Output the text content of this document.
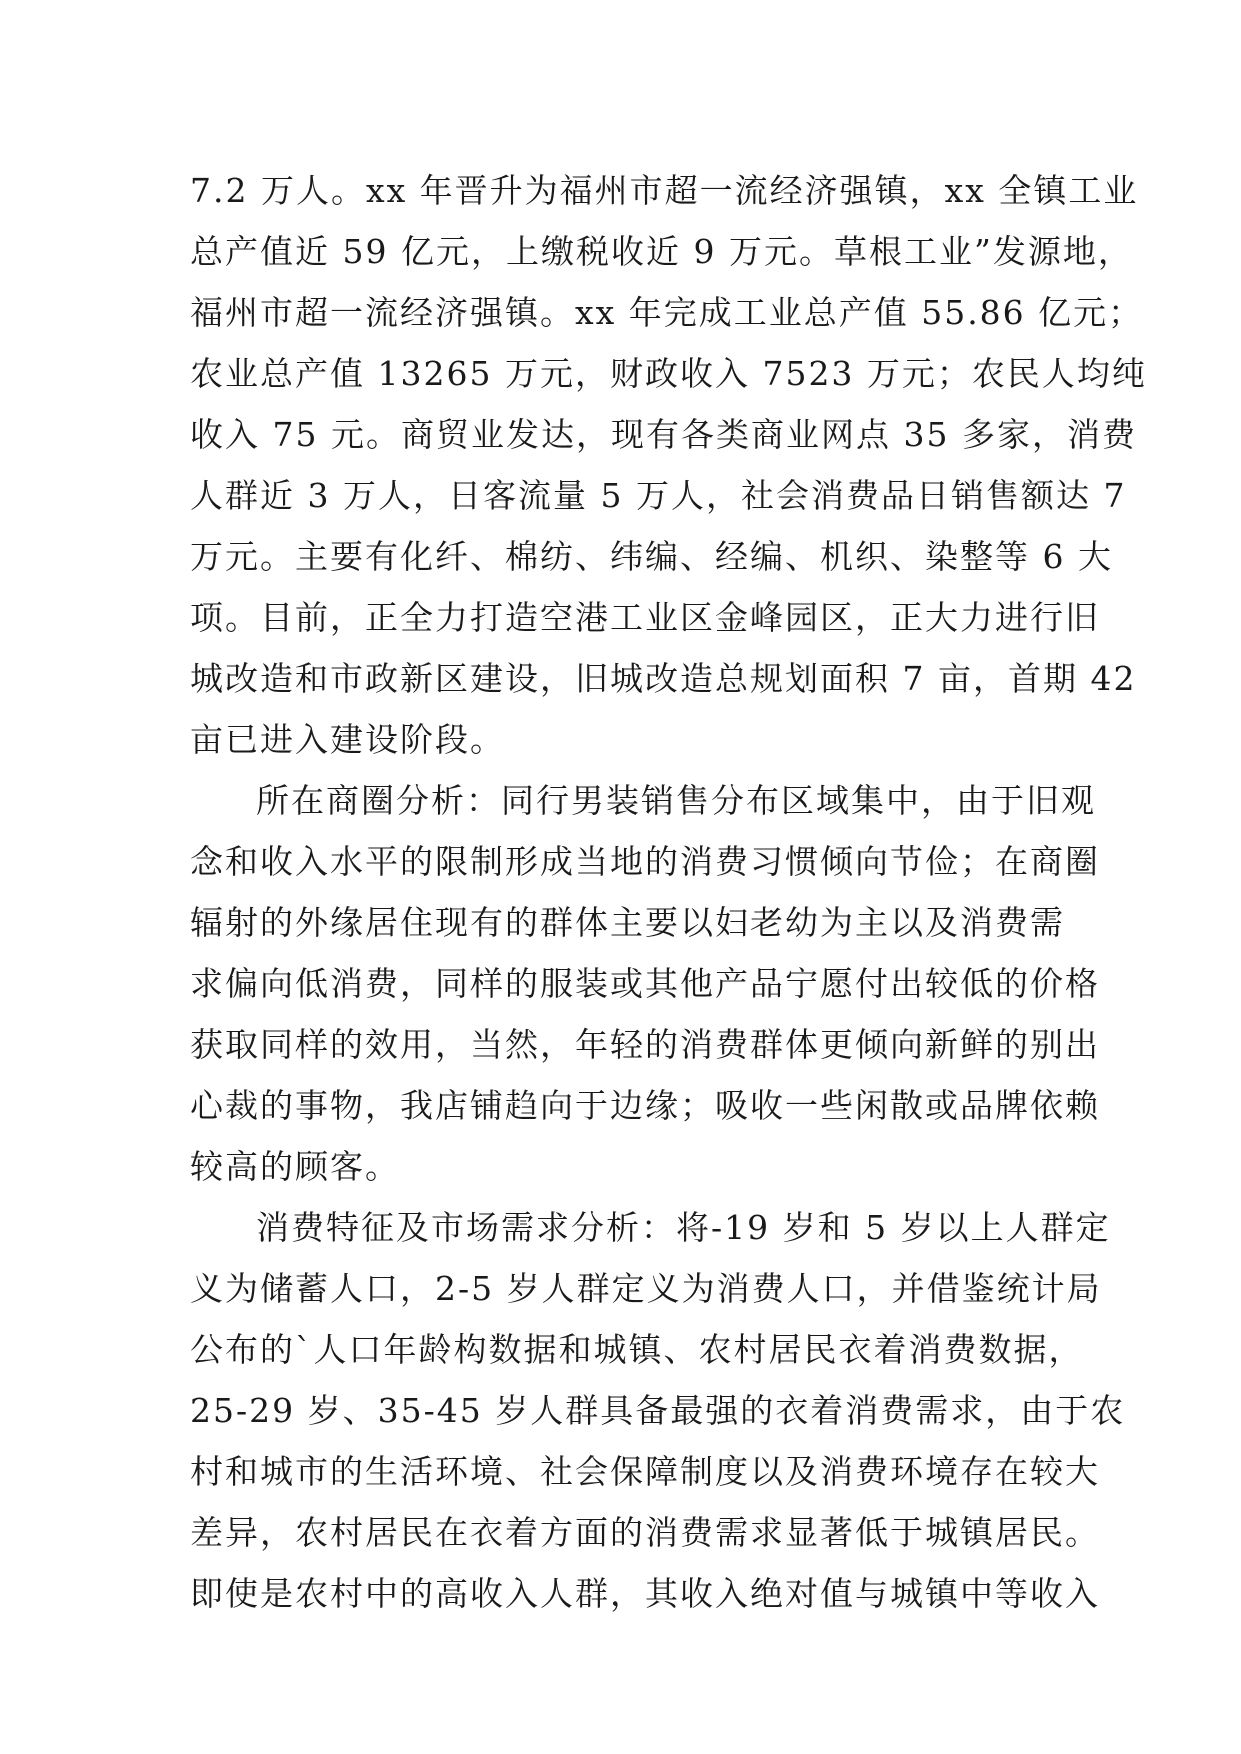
7.2 万人。xx 年晋升为福州市超一流经济强镇，xx 全镇工业
总产值近 59 亿元，上缴税收近 9 万元。草根工业”发源地，
福州市超一流经济强镇。xx 年完成工业总产值 55.86 亿元；
农业总产值 13265 万元，财政收入 7523 万元；农民人均纯
收入 75 元。商贸业发达，现有各类商业网点 35 多家，消费
人群近 3 万人，日客流量 5 万人，社会消费品日销售额达 7
万元。主要有化纤、棉纺、纬编、经编、机织、染整等 6 大
项。目前，正全力打造空港工业区金峰园区，正大力进行旧
城改造和市政新区建设，旧城改造总规划面积 7 亩，首期 42
亩已进入建设阶段。
所在商圈分析：同行男装销售分布区域集中，由于旧观
念和收入水平的限制形成当地的消费习惯倾向节俭；在商圈
辐射的外缘居住现有的群体主要以妇老幼为主以及消费需
求偏向低消费，同样的服装或其他产品宁愿付出较低的价格
获取同样的效用，当然，年轻的消费群体更倾向新鲜的别出
心裁的事物，我店铺趋向于边缘；吸收一些闲散或品牌依赖
较高的顾客。
消费特征及市场需求分析：将-19 岁和 5 岁以上人群定
义为储蓄人口，2-5 岁人群定义为消费人口，并借鉴统计局
公布的`人口年龄构数据和城镇、农村居民衣着消费数据，
25-29 岁、35-45 岁人群具备最强的衣着消费需求，由于农
村和城市的生活环境、社会保障制度以及消费环境存在较大
差异，农村居民在衣着方面的消费需求显著低于城镇居民。
即使是农村中的高收入人群，其收入绝对值与城镇中等收入
